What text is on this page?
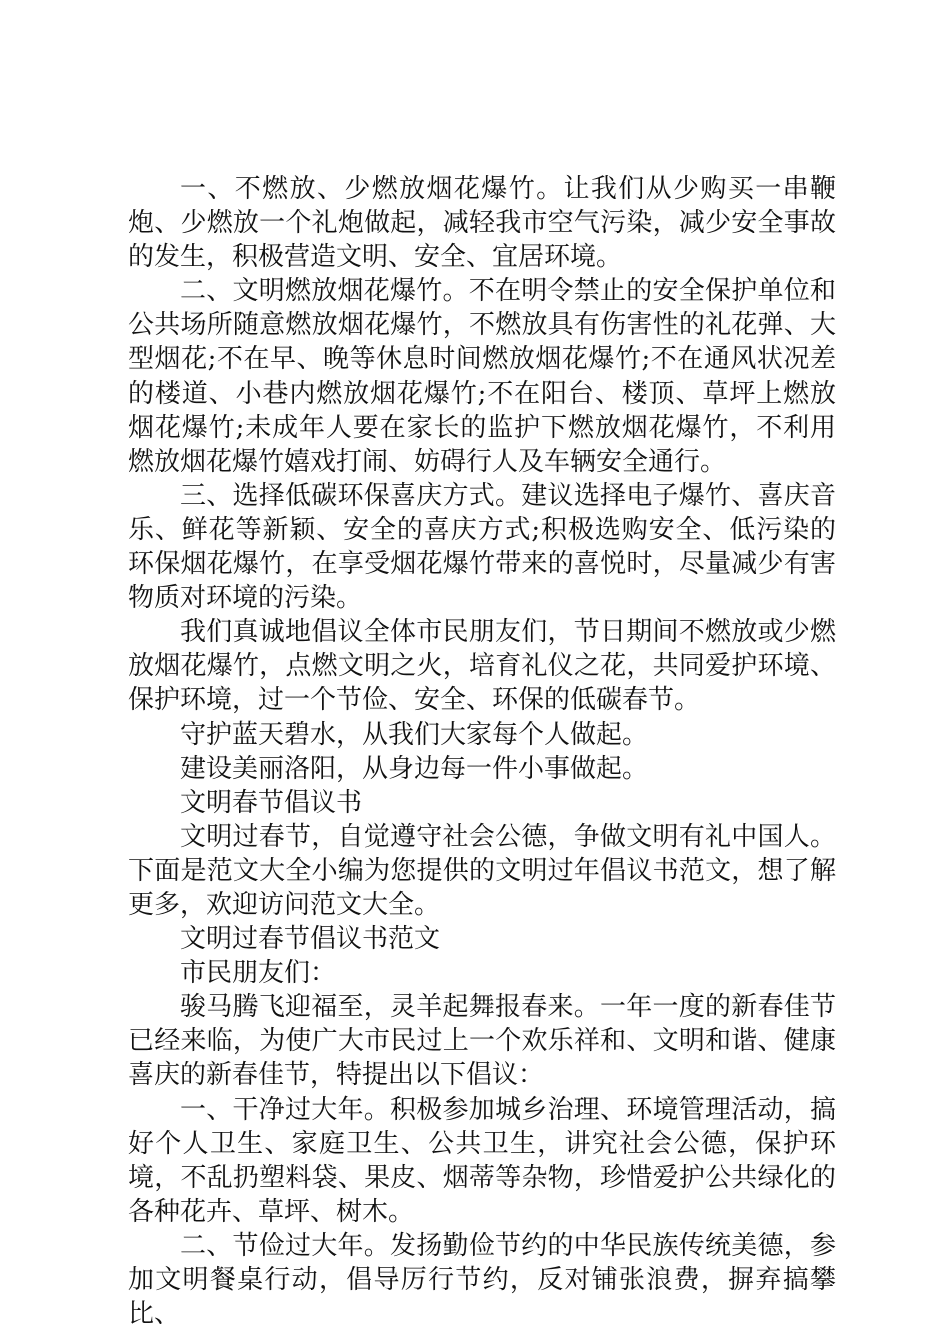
一、不燃放、少燃放烟花爆竹。让我们从少购买一串鞭炮、少燃放一个礼炮做起，减轻我市空气污染，减少安全事故的发生，积极营造文明、安全、宜居环境。

二、文明燃放烟花爆竹。不在明令禁止的安全保护单位和公共场所随意燃放烟花爆竹，不燃放具有伤害性的礼花弹、大型烟花;不在早、晚等休息时间燃放烟花爆竹;不在通风状况差的楼道、小巷内燃放烟花爆竹;不在阳台、楼顶、草坪上燃放烟花爆竹;未成年人要在家长的监护下燃放烟花爆竹，不利用燃放烟花爆竹嬉戏打闹、妨碍行人及车辆安全通行。

三、选择低碳环保喜庆方式。建议选择电子爆竹、喜庆音乐、鲜花等新颖、安全的喜庆方式;积极选购安全、低污染的环保烟花爆竹，在享受烟花爆竹带来的喜悦时，尽量减少有害物质对环境的污染。

我们真诚地倡议全体市民朋友们，节日期间不燃放或少燃放烟花爆竹，点燃文明之火，培育礼仪之花，共同爱护环境、保护环境，过一个节俭、安全、环保的低碳春节。

守护蓝天碧水，从我们大家每个人做起。

建设美丽洛阳，从身边每一件小事做起。

文明春节倡议书

文明过春节，自觉遵守社会公德，争做文明有礼中国人。下面是范文大全小编为您提供的文明过年倡议书范文，想了解更多，欢迎访问范文大全。

文明过春节倡议书范文

市民朋友们：

骏马腾飞迎福至，灵羊起舞报春来。一年一度的新春佳节已经来临，为使广大市民过上一个欢乐祥和、文明和谐、健康喜庆的新春佳节，特提出以下倡议：

一、干净过大年。积极参加城乡治理、环境管理活动，搞好个人卫生、家庭卫生、公共卫生，讲究社会公德，保护环境，不乱扔塑料袋、果皮、烟蒂等杂物，珍惜爱护公共绿化的各种花卉、草坪、树木。

二、节俭过大年。发扬勤俭节约的中华民族传统美德，参加文明餐桌行动，倡导厉行节约，反对铺张浪费，摒弃搞攀比、
